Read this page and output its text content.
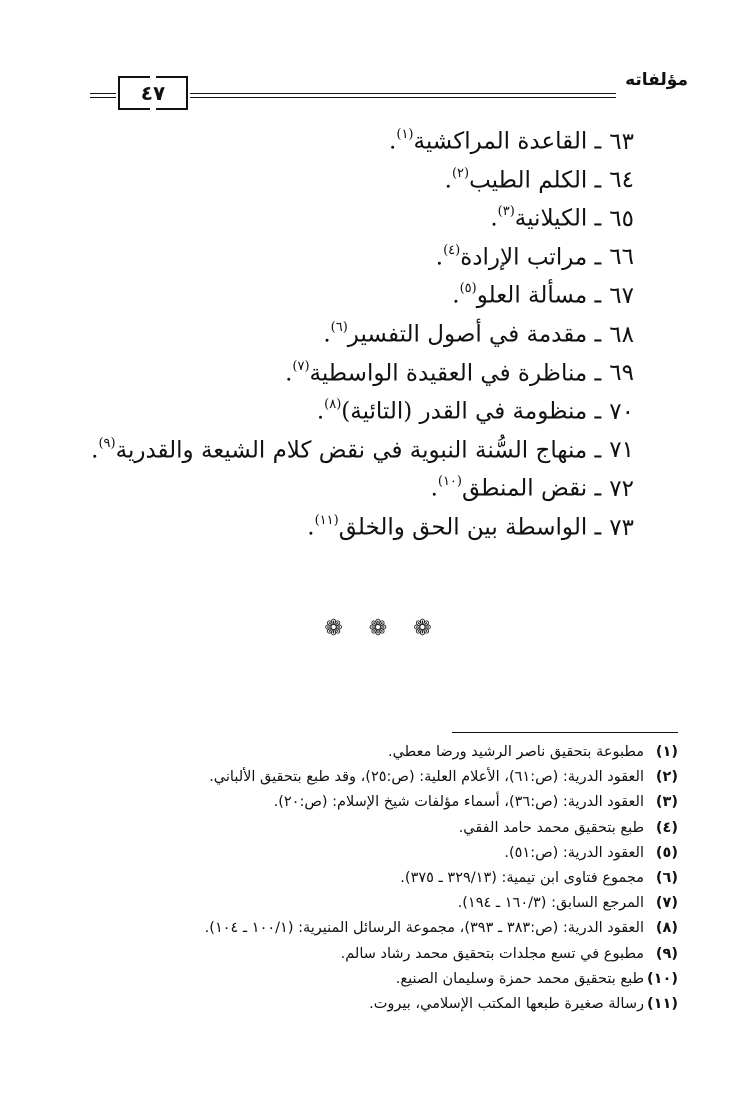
مؤلفاته
٤٧
٦٣ـ القاعدة المراكشية$^{(١)}$.
٦٤ـ الكلم الطيب$^{(٢)}$.
٦٥ـ الكيلانية$^{(٣)}$.
٦٦ـ مراتب الإرادة$^{(٤)}$.
٦٧ـ مسألة العلو$^{(٥)}$.
٦٨ـ مقدمة في أصول التفسير$^{(٦)}$.
٦٩ـ مناظرة في العقيدة الواسطية$^{(٧)}$.
٧٠ـ منظومة في القدر (التائية)$^{(٨)}$.
٧١ـ منهاج السُّنة النبوية في نقض كلام الشيعة والقدرية$^{(٩)}$.
٧٢ـ نقض المنطق$^{(١٠)}$.
٧٣ـ الواسطة بين الحق والخلق$^{(١١)}$.
❁ ❁ ❁
(١)مطبوعة بتحقيق ناصر الرشيد ورضا معطي.
(٢)العقود الدرية: (ص:٦١)، الأعلام العلية: (ص:٢٥)، وقد طبع بتحقيق الألباني.
(٣)العقود الدرية: (ص:٣٦)، أسماء مؤلفات شيخ الإسلام: (ص:٢٠).
(٤)طبع بتحقيق محمد حامد الفقي.
(٥)العقود الدرية: (ص:٥١).
(٦)مجموع فتاوى ابن تيمية: (٣٢٩/١٣ ـ ٣٧٥).
(٧)المرجع السابق: (١٦٠/٣ ـ ١٩٤).
(٨)العقود الدرية: (ص:٣٨٣ ـ ٣٩٣)، مجموعة الرسائل المنيرية: (١٠٠/١ ـ ١٠٤).
(٩)مطبوع في تسع مجلدات بتحقيق محمد رشاد سالم.
(١٠)طبع بتحقيق محمد حمزة وسليمان الصنيع.
(١١)رسالة صغيرة طبعها المكتب الإسلامي، بيروت.
